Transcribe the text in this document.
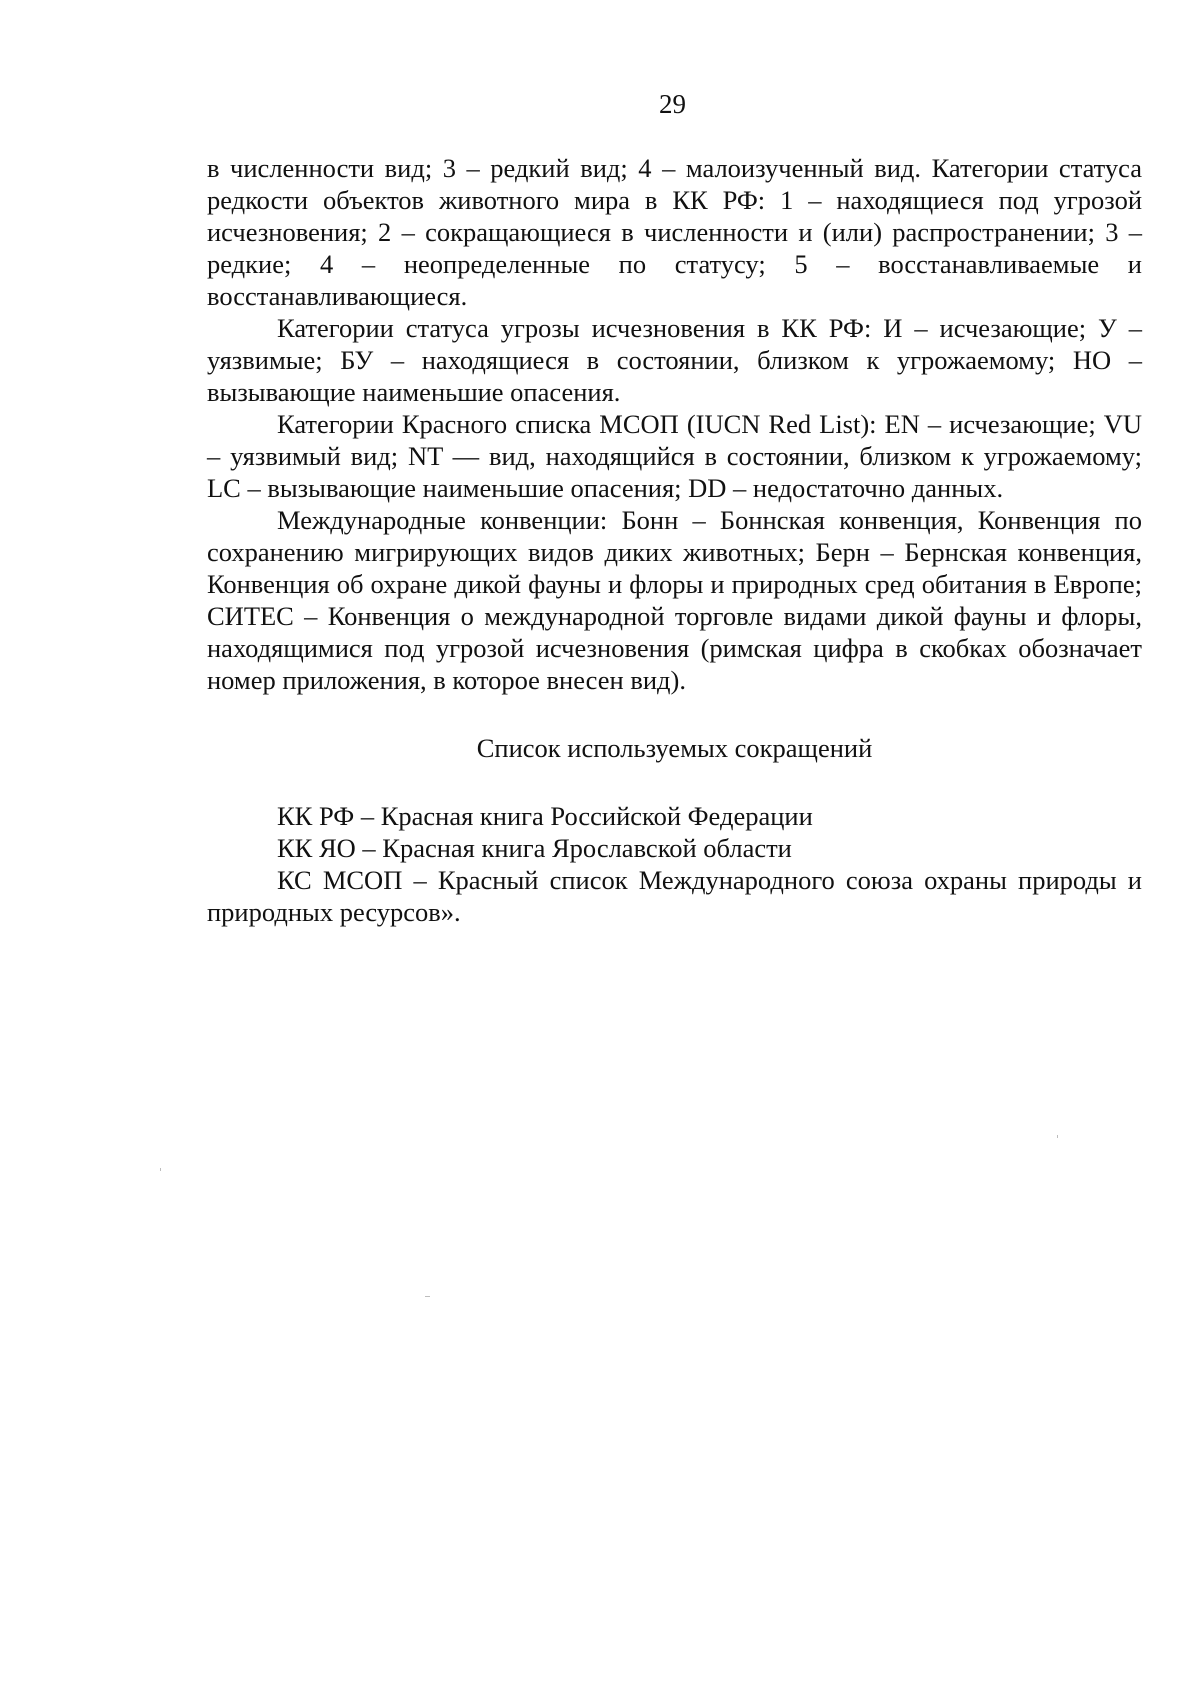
29

в численности вид; 3 – редкий вид; 4 – малоизученный вид. Категории статуса редкости объектов животного мира в КК РФ: 1 – находящиеся под угрозой исчезновения; 2 – сокращающиеся в численности и (или) распространении; 3 – редкие; 4 – неопределенные по статусу; 5 – восстанавливаемые и восстанавливающиеся.

Категории статуса угрозы исчезновения в КК РФ: И – исчезающие; У – уязвимые; БУ – находящиеся в состоянии, близком к угрожаемому; НО – вызывающие наименьшие опасения.

Категории Красного списка МСОП (IUCN Red List): EN – исчезающие; VU – уязвимый вид; NT — вид, находящийся в состоянии, близком к угрожаемому; LC – вызывающие наименьшие опасения; DD – недостаточно данных.

Международные конвенции: Бонн – Боннская конвенция, Конвенция по сохранению мигрирующих видов диких животных; Берн – Бернская конвенция, Конвенция об охране дикой фауны и флоры и природных сред обитания в Европе; СИТЕС – Конвенция о международной торговле видами дикой фауны и флоры, находящимися под угрозой исчезновения (римская цифра в скобках обозначает номер приложения, в которое внесен вид).

Список используемых сокращений

КК РФ – Красная книга Российской Федерации

КК ЯО – Красная книга Ярославской области

КС МСОП – Красный список Международного союза охраны природы и природных ресурсов».
